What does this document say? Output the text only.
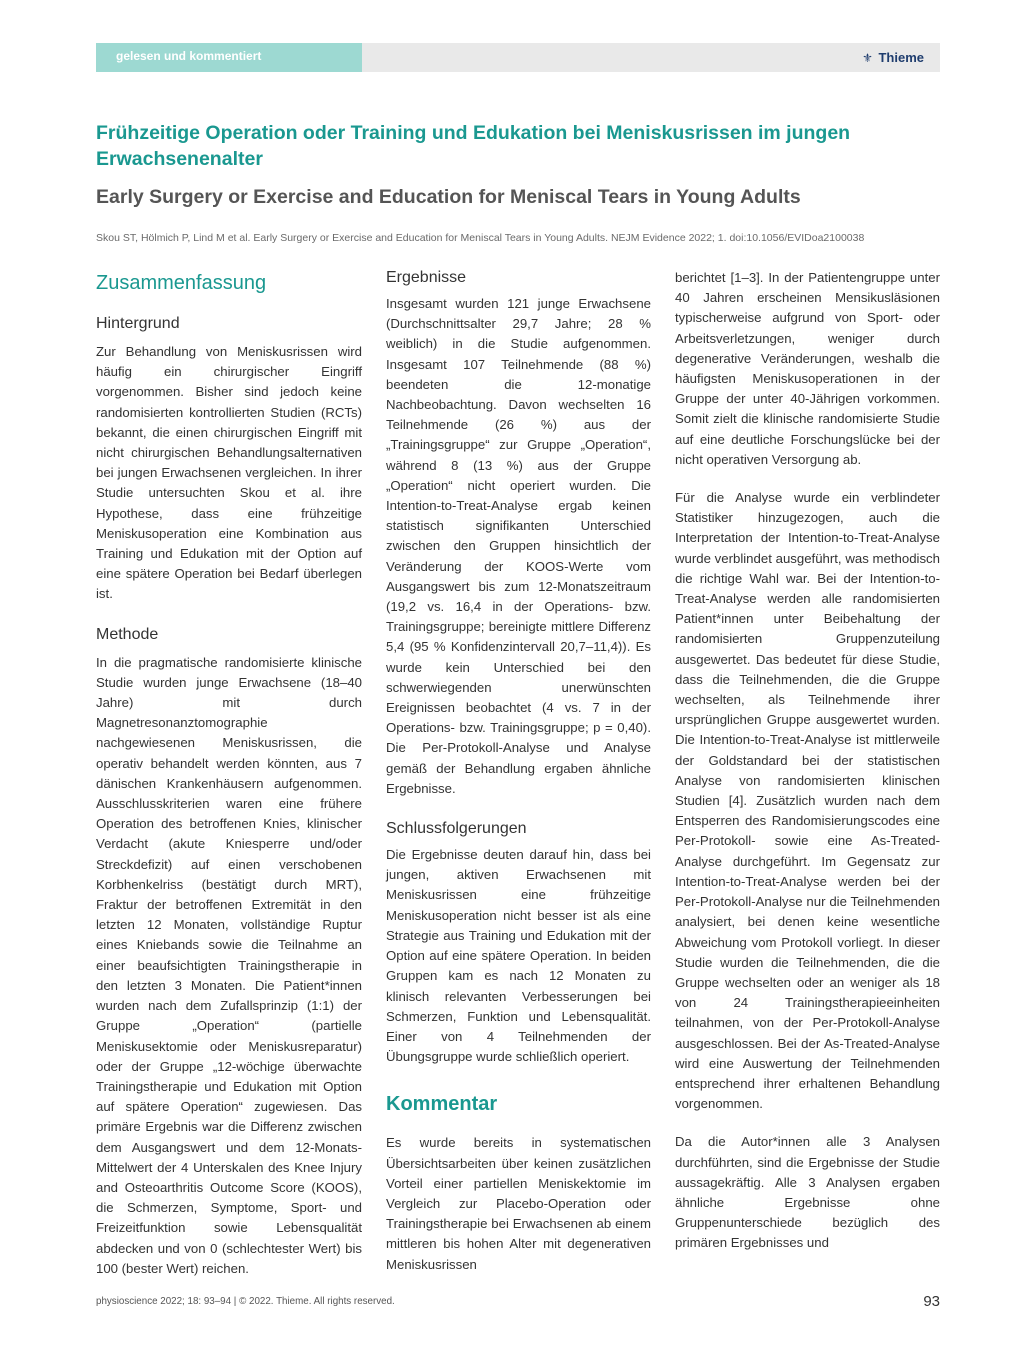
gelesen und kommentiert	⚜ Thieme
Frühzeitige Operation oder Training und Edukation bei Meniskusrissen im jungen Erwachsenenalter
Early Surgery or Exercise and Education for Meniscal Tears in Young Adults
Skou ST, Hölmich P, Lind M et al. Early Surgery or Exercise and Education for Meniscal Tears in Young Adults. NEJM Evidence 2022; 1. doi:10.1056/EVIDoa2100038
Zusammenfassung
Hintergrund

Zur Behandlung von Meniskusrissen wird häufig ein chirurgischer Eingriff vorgenommen. Bisher sind jedoch keine randomisierten kontrollierten Studien (RCTs) bekannt, die einen chirurgischen Eingriff mit nicht chirurgischen Behandlungsalternativen bei jungen Erwachsenen vergleichen. In ihrer Studie untersuchten Skou et al. ihre Hypothese, dass eine frühzeitige Meniskusoperation eine Kombination aus Training und Edukation mit der Option auf eine spätere Operation bei Bedarf überlegen ist.

Methode

In die pragmatische randomisierte klinische Studie wurden junge Erwachsene (18–40 Jahre) mit durch Magnetresonanztomographie nachgewiesenen Meniskusrissen, die operativ behandelt werden könnten, aus 7 dänischen Krankenhäusern aufgenommen. Ausschlusskriterien waren eine frühere Operation des betroffenen Knies, klinischer Verdacht (akute Kniesperre und/oder Streckdefizit) auf einen verschobenen Korbhenkelriss (bestätigt durch MRT), Fraktur der betroffenen Extremität in den letzten 12 Monaten, vollständige Ruptur eines Kniebands sowie die Teilnahme an einer beaufsichtigten Trainingstherapie in den letzten 3 Monaten. Die Patient*innen wurden nach dem Zufallsprinzip (1:1) der Gruppe „Operation“ (partielle Meniskusektomie oder Meniskusreparatur) oder der Gruppe „12-wöchige überwachte Trainingstherapie und Edukation mit Option auf spätere Operation“ zugewiesen. Das primäre Ergebnis war die Differenz zwischen dem Ausgangswert und dem 12-Monats-Mittelwert der 4 Unterskalen des Knee Injury and Osteoarthritis Outcome Score (KOOS), die Schmerzen, Symptome, Sport- und Freizeitfunktion sowie Lebensqualität abdecken und von 0 (schlechtester Wert) bis 100 (bester Wert) reichen.

Ergebnisse

Insgesamt wurden 121 junge Erwachsene (Durchschnittsalter 29,7 Jahre; 28 % weiblich) in die Studie aufgenommen. Insgesamt 107 Teilnehmende (88 %) beendeten die 12-monatige Nachbeobachtung. Davon wechselten 16 Teilnehmende (26 %) aus der „Trainingsgruppe“ zur Gruppe „Operation“, während 8 (13 %) aus der Gruppe „Operation“ nicht operiert wurden. Die Intention-to-Treat-Analyse ergab keinen statistisch signifikanten Unterschied zwischen den Gruppen hinsichtlich der Veränderung der KOOS-Werte vom Ausgangswert bis zum 12-Monatszeitraum (19,2 vs. 16,4 in der Operations- bzw. Trainingsgruppe; bereinigte mittlere Differenz 5,4 (95 % Konfidenzintervall 20,7–11,4)). Es wurde kein Unterschied bei den schwerwiegenden unerwünschten Ereignissen beobachtet (4 vs. 7 in der Operations- bzw. Trainingsgruppe; p = 0,40). Die Per-Protokoll-Analyse und Analyse gemäß der Behandlung ergaben ähnliche Ergebnisse.

Schlussfolgerungen

Die Ergebnisse deuten darauf hin, dass bei jungen, aktiven Erwachsenen mit Meniskusrissen eine frühzeitige Meniskusoperation nicht besser ist als eine Strategie aus Training und Edukation mit der Option auf eine spätere Operation. In beiden Gruppen kam es nach 12 Monaten zu klinisch relevanten Verbesserungen bei Schmerzen, Funktion und Lebensqualität. Einer von 4 Teilnehmenden der Übungsgruppe wurde schließlich operiert.

Kommentar

Es wurde bereits in systematischen Übersichtsarbeiten über keinen zusätzlichen Vorteil einer partiellen Meniskektomie im Vergleich zur Placebo-Operation oder Trainingstherapie bei Erwachsenen ab einem mittleren bis hohen Alter mit degenerativen Meniskusrissen

berichtet [1–3]. In der Patientengruppe unter 40 Jahren erscheinen Mensikusläsionen typischerweise aufgrund von Sport- oder Arbeitsverletzungen, weniger durch degenerative Veränderungen, weshalb die häufigsten Meniskusoperationen in der Gruppe der unter 40-Jährigen vorkommen. Somit zielt die klinische randomisierte Studie auf eine deutliche Forschungslücke bei der nicht operativen Versorgung ab.

Für die Analyse wurde ein verblindeter Statistiker hinzugezogen, auch die Interpretation der Intention-to-Treat-Analyse wurde verblindet ausgeführt, was methodisch die richtige Wahl war. Bei der Intention-to-Treat-Analyse werden alle randomisierten Patient*innen unter Beibehaltung der randomisierten Gruppenzuteilung ausgewertet. Das bedeutet für diese Studie, dass die Teilnehmenden, die die Gruppe wechselten, als Teilnehmende ihrer ursprünglichen Gruppe ausgewertet wurden. Die Intention-to-Treat-Analyse ist mittlerweile der Goldstandard bei der statistischen Analyse von randomisierten klinischen Studien [4]. Zusätzlich wurden nach dem Entsperren des Randomisierungscodes eine Per-Protokoll- sowie eine As-Treated-Analyse durchgeführt. Im Gegensatz zur Intention-to-Treat-Analyse werden bei der Per-Protokoll-Analyse nur die Teilnehmenden analysiert, bei denen keine wesentliche Abweichung vom Protokoll vorliegt. In dieser Studie wurden die Teilnehmenden, die die Gruppe wechselten oder an weniger als 18 von 24 Trainingstherapieeinheiten teilnahmen, von der Per-Protokoll-Analyse ausgeschlossen. Bei der As-Treated-Analyse wird eine Auswertung der Teilnehmenden entsprechend ihrer erhaltenen Behandlung vorgenommen.

Da die Autor*innen alle 3 Analysen durchführten, sind die Ergebnisse der Studie aussagekräftig. Alle 3 Analysen ergaben ähnliche Ergebnisse ohne Gruppenunterschiede bezüglich des primären Ergebnisses und

physioscience 2022; 18: 93–94 | © 2022. Thieme. All rights reserved.	93
